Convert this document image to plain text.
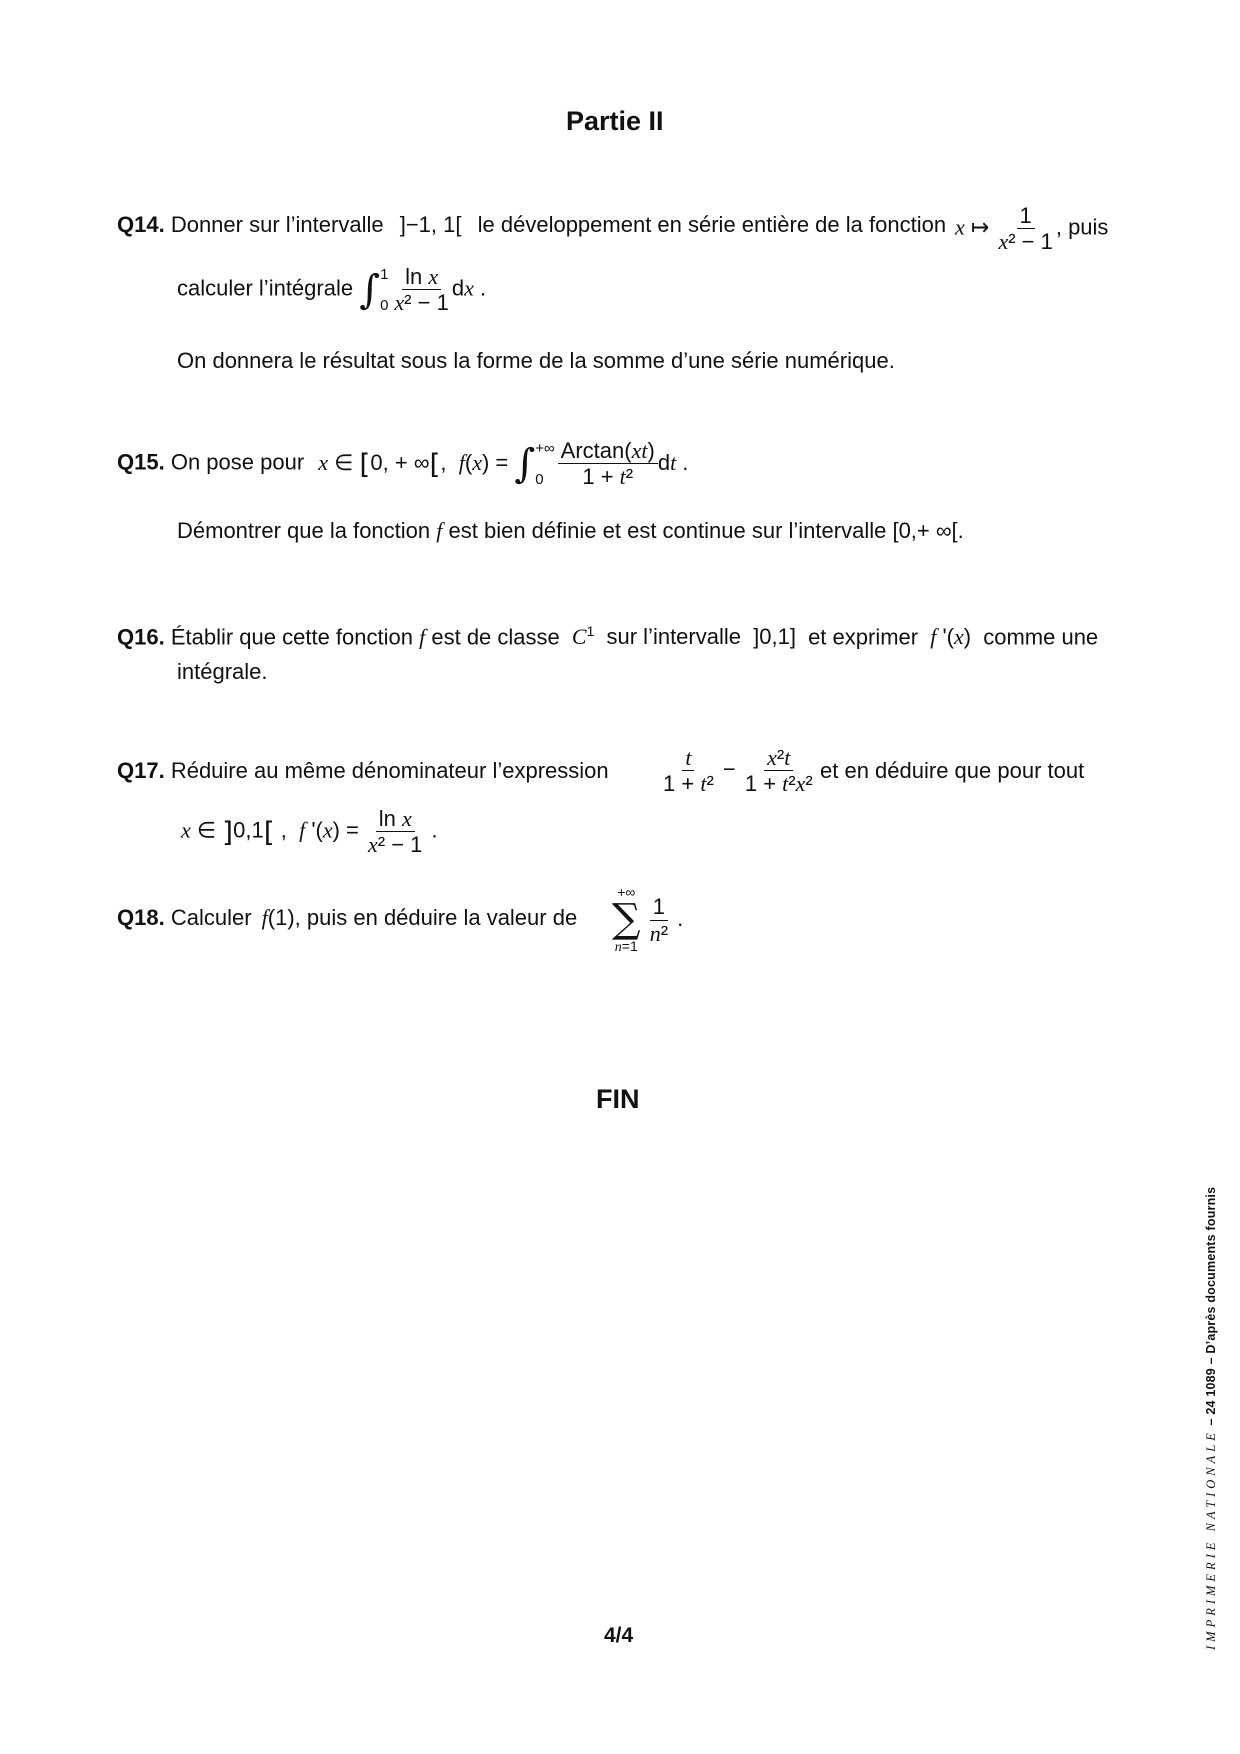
Partie II
Q14. Donner sur l’intervalle ]−1, 1[ le développement en série entière de la fonction x ↦ $\frac{1}{\text{x² − 1}}$ , puis
calculer l’intégrale ∫ 1
$0 \frac{\text{ln x}}{\text{x² − 1}}$ dx .
On donnera le résultat sous la forme de la somme d’une série numérique.
Q15. On pose pour x ∈ [0, + ∞[,  f(x) = ∫ +∞
$0 \frac{\text{Arctan(xt)}}{\text{1 + t²}}$ dt .
Démontrer que la fonction f est bien définie et est continue sur l’intervalle [0,+ ∞[.
Q16. Établir que cette fonction f est de classe $C^1$ sur l’intervalle ]0,1] et exprimer f '(x) comme une
intégrale.
Q17. Réduire au même dénominateur l’expression $\frac{t}{\text{1 + t²}} - \frac{\text{x²t}}{\text{1 + t²x²}}$ et en déduire que pour tout
x ∈ ]0,1[ ,  f '$(x) = \frac{\text{ln x}}{\text{x² − 1}}$ .
Q18. Calculer f(1), puis en déduire la valeur de
+∞
∑
n=1

$\frac{1}{\text{n²}}$ .
FIN
4/4	IMPRIMERIE NATIONALE – 24 1089 – D’après documents fournis
